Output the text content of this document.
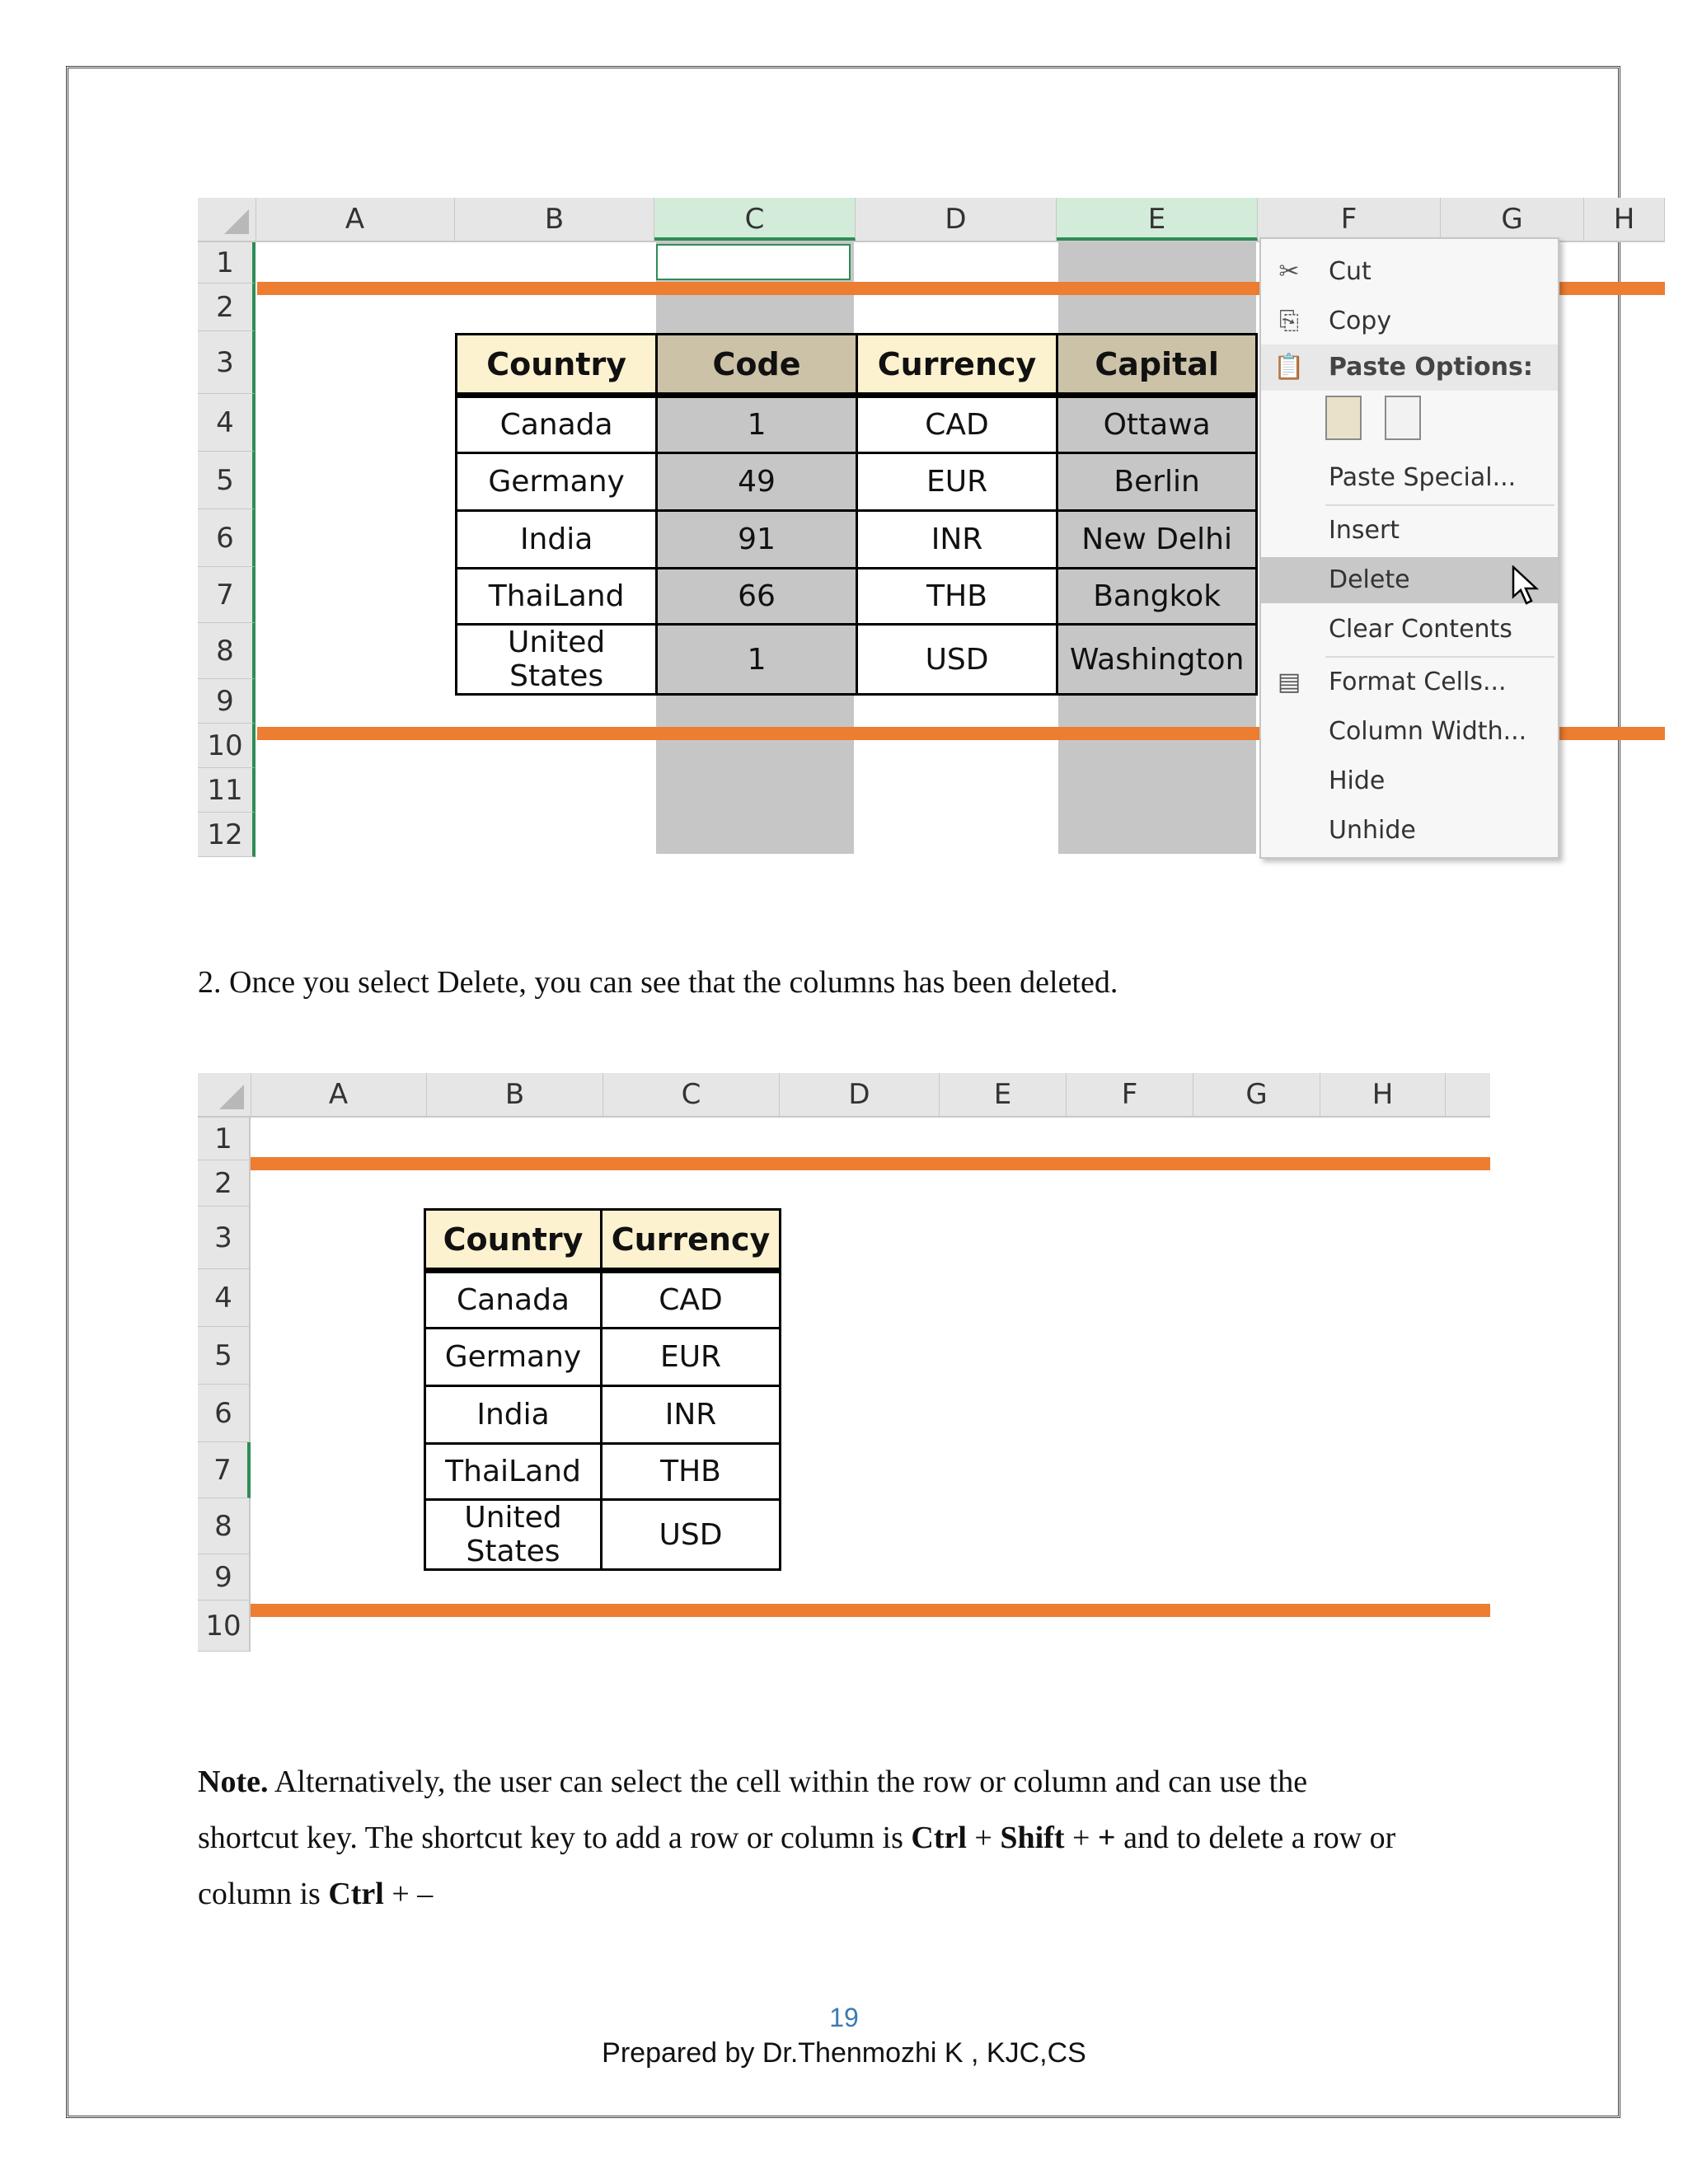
A	B	C	D	E	F	G	H
1
2
3
4
5
6
7
8
9
10
11
12
Country	Code	Currency	Capital
Canada	1	CAD	Ottawa
Germany	49	EUR	Berlin
India	91	INR	New Delhi
ThaiLand	66	THB	Bangkok
United States	1	USD	Washington
✂ Cut
⎘ Copy
📋 Paste Options:
Paste Special...
Insert
Delete
Clear Contents
▤ Format Cells...
Column Width...
Hide
Unhide
2. Once you select Delete, you can see that the columns has been deleted.
A	B	C	D	E	F	G	H
1
2
3
4
5
6
7
8
9
10
Country	Currency
Canada	CAD
Germany	EUR
India	INR
ThaiLand	THB
United States	USD
Note. Alternatively, the user can select the cell within the row or column and can use the
shortcut key. The shortcut key to add a row or column is Ctrl + Shift + + and to delete a row or
column is Ctrl + –
19
Prepared by Dr.Thenmozhi K , KJC,CS
